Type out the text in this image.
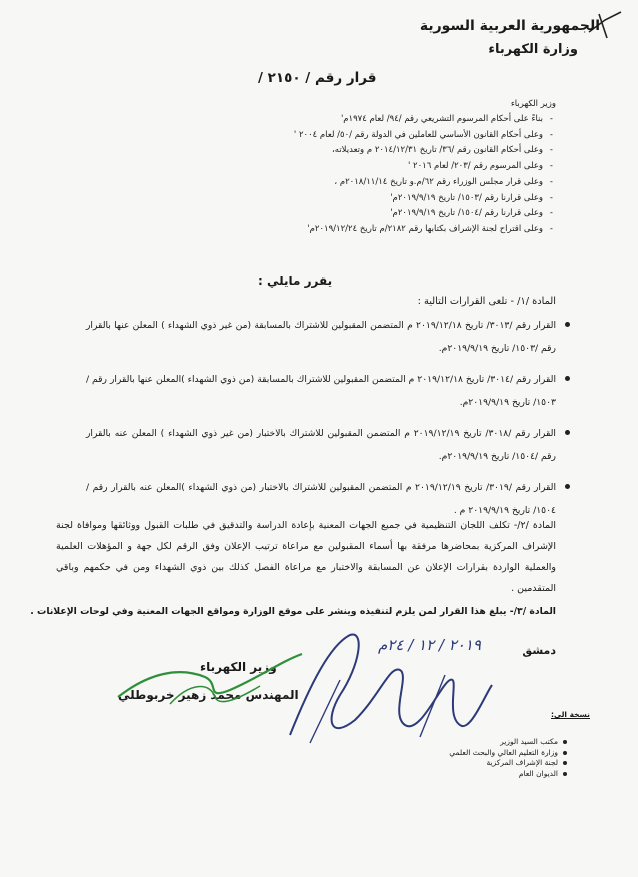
الجمهورية العربية السورية
وزارة الكهرباء
قرار رقم / ٢١٥٠ /
وزير الكهرباء
بناءً على أحكام المرسوم التشريعي رقم /٩٤/ لعام ١٩٧٤م' -
وعلى أحكام القانون الأساسي للعاملين في الدولة رقم /٥٠/ لعام ٢٠٠٤ ' -
وعلى أحكام القانون رقم /٣٦/ تاريخ ٢٠١٤/١٢/٣١ م وتعديلاته، -
وعلى المرسوم رقم /٢٠٣/ لعام ٢٠١٦ ' -
وعلى قرار مجلس الوزراء رقم ٦٢/م.و تاريخ ٢٠١٨/١١/١٤م ، -
وعلى قرارنا رقم /١٥٠٣/ تاريخ ٢٠١٩/٩/١٩م' -
وعلى قرارنا رقم /١٥٠٤/ تاريخ ٢٠١٩/٩/١٩م' -
وعلى اقتراح لجنة الإشراف بكتابها رقم ٢١٨٢/م تاريخ ٢٠١٩/١٢/٢٤م' -
يقرر مايلي :
المادة /١/ - تلغى القرارات التالية :
القرار رقم /٣٠١٣/ تاريخ ٢٠١٩/١٢/١٨ م المتضمن المقبولين للاشتراك بالمسابقة (من غير ذوي الشهداء ) المعلن عنها بالقرار رقم /١٥٠٣/ تاريخ ٢٠١٩/٩/١٩م.
القرار رقم /٣٠١٤/ تاريخ ٢٠١٩/١٢/١٨ م المتضمن المقبولين للاشتراك بالمسابقة (من ذوي الشهداء )المعلن عنها بالقرار رقم /١٥٠٣/ تاريخ ٢٠١٩/٩/١٩م.
القرار رقم /٣٠١٨/ تاريخ ٢٠١٩/١٢/١٩ م المتضمن المقبولين للاشتراك بالاختبار (من غير ذوي الشهداء ) المعلن عنه بالقرار رقم /١٥٠٤/ تاريخ ٢٠١٩/٩/١٩م.
القرار رقم /٣٠١٩/ تاريخ ٢٠١٩/١٢/١٩ م المتضمن المقبولين للاشتراك بالاختبار (من ذوي الشهداء )المعلن عنه بالقرار رقم /١٥٠٤/ تاريخ ٢٠١٩/٩/١٩ م .
المادة /٢/- تكلف اللجان التنظيمية في جميع الجهات المعنية بإعادة الدراسة والتدقيق في طلبات القبول ووثائقها وموافاة لجنة الإشراف المركزية بمحاضرها مرفقة بها أسماء المقبولين مع مراعاة ترتيب الإعلان وفق الرقم لكل جهة و المؤهلات العلمية والعملية الواردة بقرارات الإعلان عن المسابقة والاختبار مع مراعاة الفصل كذلك بين ذوي الشهداء ومن في حكمهم وباقي المتقدمين .
المادة /٣/- يبلغ هذا القرار لمن يلزم لتنفيذه وينشر على موقع الوزارة ومواقع الجهات المعنية وفي لوحات الإعلانات .
دمشق
٢٠١٩ / ١٢ / ٢٤م
وزير الكهرباء
المهندس محمد زهير خربوطلي
نسخة الى:
مكتب السيد الوزير
وزارة التعليم العالي والبحث العلمي
لجنة الإشراف المركزية
الديوان العام
